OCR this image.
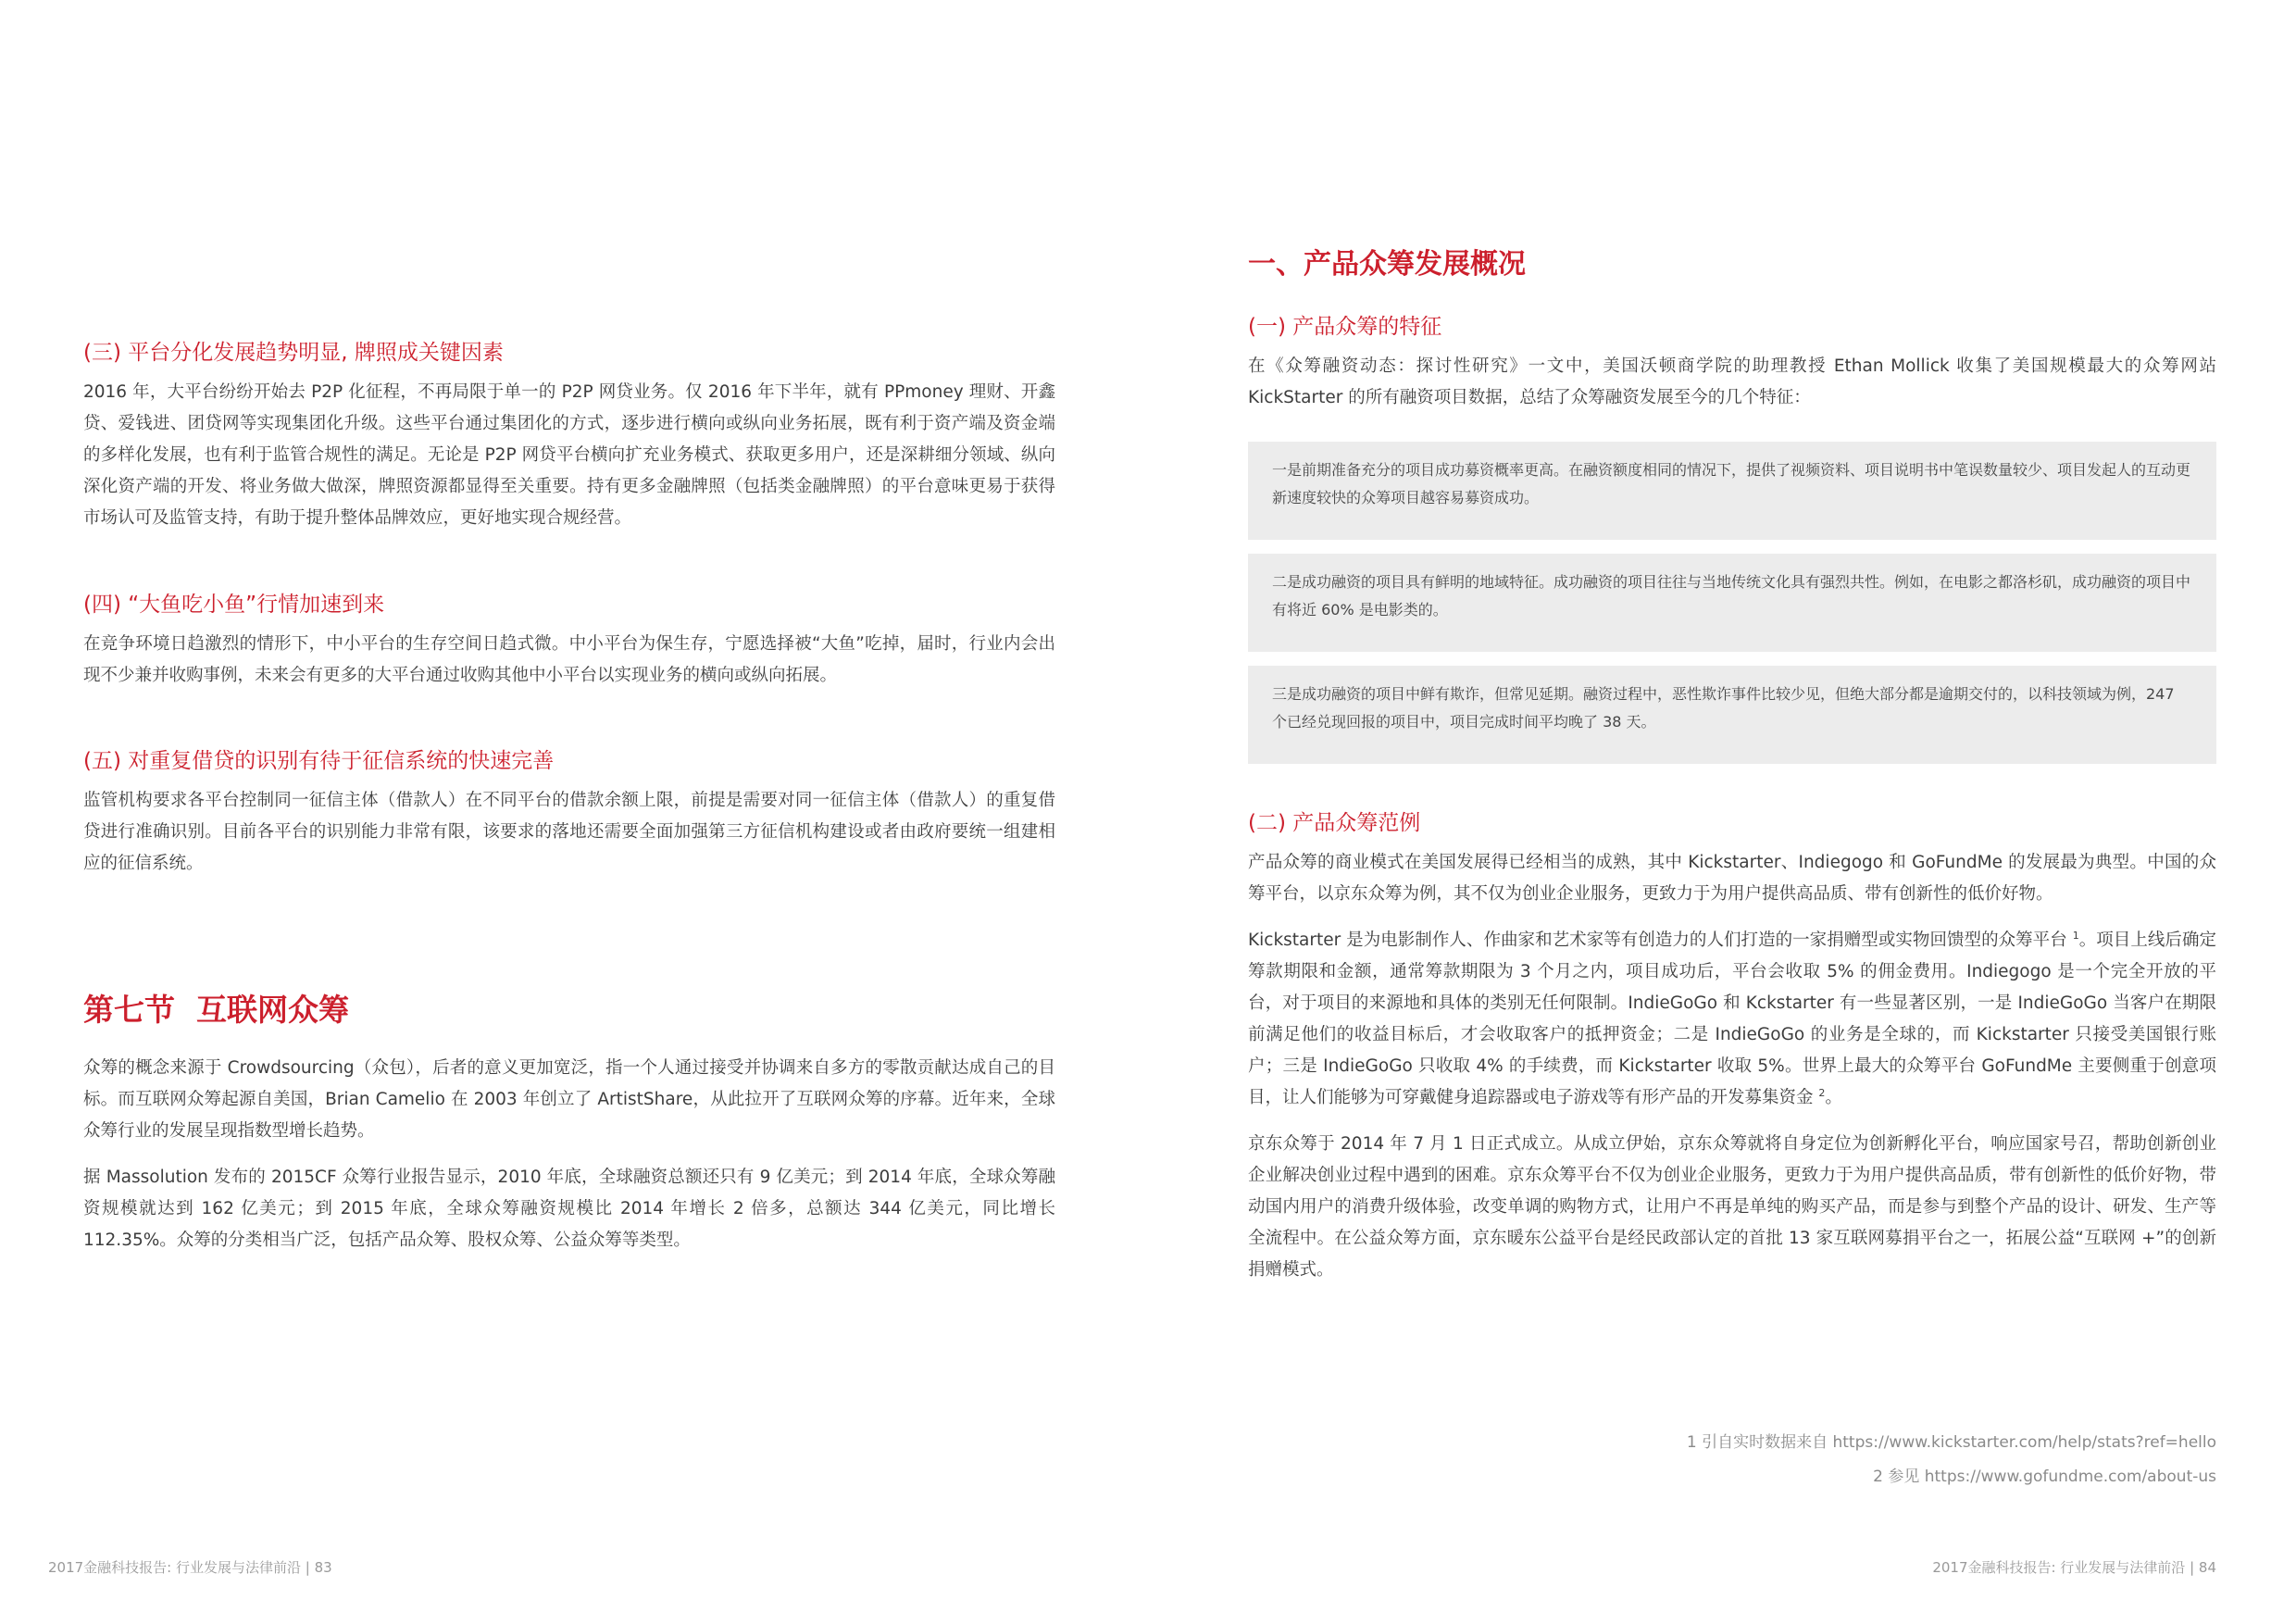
(三) 平台分化发展趋势明显, 牌照成关键因素

2016 年，大平台纷纷开始去 P2P 化征程，不再局限于单一的 P2P 网贷业务。仅 2016 年下半年，就有 PPmoney 理财、开鑫贷、爱钱进、团贷网等实现集团化升级。这些平台通过集团化的方式，逐步进行横向或纵向业务拓展，既有利于资产端及资金端的多样化发展，也有利于监管合规性的满足。无论是 P2P 网贷平台横向扩充业务模式、获取更多用户，还是深耕细分领域、纵向深化资产端的开发、将业务做大做深，牌照资源都显得至关重要。持有更多金融牌照（包括类金融牌照）的平台意味更易于获得市场认可及监管支持，有助于提升整体品牌效应，更好地实现合规经营。

(四) “大鱼吃小鱼”行情加速到来

在竞争环境日趋激烈的情形下，中小平台的生存空间日趋式微。中小平台为保生存，宁愿选择被“大鱼”吃掉，届时，行业内会出现不少兼并收购事例，未来会有更多的大平台通过收购其他中小平台以实现业务的横向或纵向拓展。

(五) 对重复借贷的识别有待于征信系统的快速完善

监管机构要求各平台控制同一征信主体（借款人）在不同平台的借款余额上限，前提是需要对同一征信主体（借款人）的重复借贷进行准确识别。目前各平台的识别能力非常有限，该要求的落地还需要全面加强第三方征信机构建设或者由政府要统一组建相应的征信系统。

第七节  互联网众筹

众筹的概念来源于 Crowdsourcing（众包），后者的意义更加宽泛，指一个人通过接受并协调来自多方的零散贡献达成自己的目标。而互联网众筹起源自美国，Brian Camelio 在 2003 年创立了 ArtistShare，从此拉开了互联网众筹的序幕。近年来，全球众筹行业的发展呈现指数型增长趋势。

据 Massolution 发布的 2015CF 众筹行业报告显示，2010 年底，全球融资总额还只有 9 亿美元；到 2014 年底，全球众筹融资规模就达到 162 亿美元；到 2015 年底，全球众筹融资规模比 2014 年增长 2 倍多，总额达 344 亿美元，同比增长 112.35%。众筹的分类相当广泛，包括产品众筹、股权众筹、公益众筹等类型。

2017金融科技报告: 行业发展与法律前沿 | 83
一、产品众筹发展概况
(一) 产品众筹的特征

在《众筹融资动态：探讨性研究》一文中，美国沃顿商学院的助理教授 Ethan Mollick 收集了美国规模最大的众筹网站 KickStarter 的所有融资项目数据，总结了众筹融资发展至今的几个特征：

一是前期准备充分的项目成功募资概率更高。在融资额度相同的情况下，提供了视频资料、项目说明书中笔误数量较少、项目发起人的互动更新速度较快的众筹项目越容易募资成功。
二是成功融资的项目具有鲜明的地域特征。成功融资的项目往往与当地传统文化具有强烈共性。例如，在电影之都洛杉矶，成功融资的项目中有将近 60% 是电影类的。
三是成功融资的项目中鲜有欺诈，但常见延期。融资过程中，恶性欺诈事件比较少见，但绝大部分都是逾期交付的，以科技领域为例，247 个已经兑现回报的项目中，项目完成时间平均晚了 38 天。
(二) 产品众筹范例

产品众筹的商业模式在美国发展得已经相当的成熟，其中 Kickstarter、Indiegogo 和 GoFundMe 的发展最为典型。中国的众筹平台，以京东众筹为例，其不仅为创业企业服务，更致力于为用户提供高品质、带有创新性的低价好物。

Kickstarter 是为电影制作人、作曲家和艺术家等有创造力的人们打造的一家捐赠型或实物回馈型的众筹平台 $^1$。项目上线后确定筹款期限和金额，通常筹款期限为 3 个月之内，项目成功后，平台会收取 5% 的佣金费用。Indiegogo 是一个完全开放的平台，对于项目的来源地和具体的类别无任何限制。IndieGoGo 和 Kckstarter 有一些显著区别，一是 IndieGoGo 当客户在期限前满足他们的收益目标后，才会收取客户的抵押资金；二是 IndieGoGo 的业务是全球的，而 Kickstarter 只接受美国银行账户；三是 IndieGoGo 只收取 4% 的手续费，而 Kickstarter 收取 5%。世界上最大的众筹平台 GoFundMe 主要侧重于创意项目，让人们能够为可穿戴健身追踪器或电子游戏等有形产品的开发募集资金 $^2$。

京东众筹于 2014 年 7 月 1 日正式成立。从成立伊始，京东众筹就将自身定位为创新孵化平台，响应国家号召，帮助创新创业企业解决创业过程中遇到的困难。京东众筹平台不仅为创业企业服务，更致力于为用户提供高品质，带有创新性的低价好物，带动国内用户的消费升级体验，改变单调的购物方式，让用户不再是单纯的购买产品，而是参与到整个产品的设计、研发、生产等全流程中。在公益众筹方面，京东暖东公益平台是经民政部认定的首批 13 家互联网募捐平台之一，拓展公益“互联网 +”的创新捐赠模式。

1 引自实时数据来自 https://www.kickstarter.com/help/stats?ref=hello
2 参见 https://www.gofundme.com/about-us
2017金融科技报告: 行业发展与法律前沿 | 84
